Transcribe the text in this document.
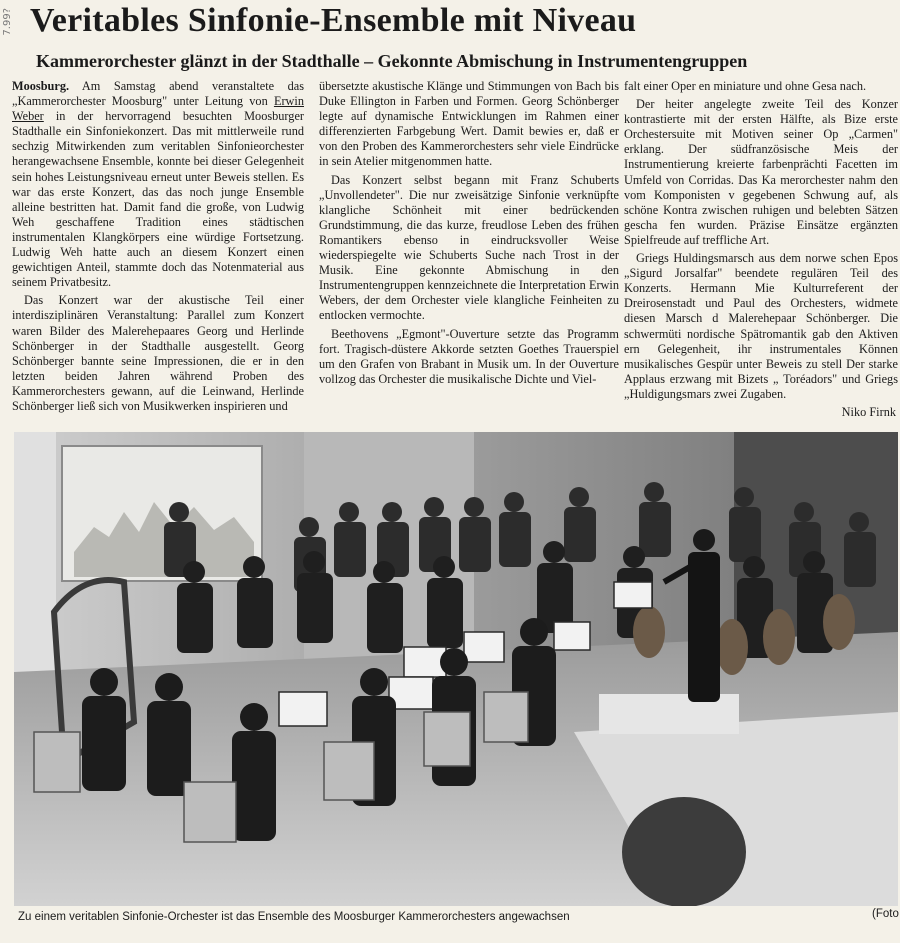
7.99? Veritables Sinfonie-Ensemble mit Niveau
Kammerorchester glänzt in der Stadthalle – Gekonnte Abmischung in Instrumentengruppen

Moosburg. Am Samstag abend veranstaltete das „Kammerorchester Moosburg" unter Leitung von Erwin Weber in der hervorragend besuchten Moosburger Stadthalle ein Sinfoniekonzert. Das mit mittlerweile rund sechzig Mitwirkenden zum veritablen Sinfonieorchester herangewachsene Ensemble, konnte bei dieser Gelegenheit sein hohes Leistungsniveau erneut unter Beweis stellen. Es war das erste Konzert, das das noch junge Ensemble alleine bestritten hat. Damit fand die große, von Ludwig Weh geschaffene Tradition eines städtischen instrumentalen Klangkörpers eine würdige Fortsetzung. Ludwig Weh hatte auch an diesem Konzert einen gewichtigen Anteil, stammte doch das Notenmaterial aus seinem Privatbesitz.

Das Konzert war der akustische Teil einer interdisziplinären Veranstaltung: Parallel zum Konzert waren Bilder des Malerehepaares Georg und Herlinde Schönberger in der Stadthalle ausgestellt. Georg Schönberger bannte seine Impressionen, die er in den letzten beiden Jahren während Proben des Kammerorchesters gewann, auf die Leinwand, Herlinde Schönberger ließ sich von Musikwerken inspirieren und

übersetzte akustische Klänge und Stimmungen von Bach bis Duke Ellington in Farben und Formen. Georg Schönberger legte auf dynamische Entwicklungen im Rahmen einer differenzierten Farbgebung Wert. Damit bewies er, daß er von den Proben des Kammerorchesters sehr viele Eindrücke in sein Atelier mitgenommen hatte.

Das Konzert selbst begann mit Franz Schuberts „Unvollendeter". Die nur zweisätzige Sinfonie verknüpfte klangliche Schönheit mit einer bedrückenden Grundstimmung, die das kurze, freudlose Leben des frühen Romantikers ebenso in eindrucksvoller Weise wiederspiegelte wie Schuberts Suche nach Trost in der Musik. Eine gekonnte Abmischung in den Instrumentengruppen kennzeichnete die Interpretation Erwin Webers, der dem Orchester viele klangliche Feinheiten zu entlocken vermochte.

Beethovens „Egmont"-Ouverture setzte das Programm fort. Tragisch-düstere Akkorde setzten Goethes Trauerspiel um den Grafen von Brabant in Musik um. In der Ouverture vollzog das Orchester die musikalische Dichte und Viel-

falt einer Oper en miniature und ohne Gesa nach.

Der heiter angelegte zweite Teil des Konzer kontrastierte mit der ersten Hälfte, als Bize erste Orchestersuite mit Motiven seiner Op „Carmen" erklang. Der südfranzösische Meis der Instrumentierung kreierte farbenprächti Facetten im Umfeld von Corridas. Das Ka merorchester nahm den vom Komponisten v gegebenen Schwung auf, als schöne Kontra zwischen ruhigen und belebten Sätzen gescha fen wurden. Präzise Einsätze ergänzten Spielfreude auf treffliche Art.

Griegs Huldingsmarsch aus dem norwe schen Epos „Sigurd Jorsalfar" beendete regulären Teil des Konzerts. Hermann Mie Kulturreferent der Dreirosenstadt und Paul des Orchesters, widmete diesen Marsch d Malerehepaar Schönberger. Die schwermüti nordische Spätromantik gab den Aktiven ern Gelegenheit, ihr instrumentales Können musikalisches Gespür unter Beweis zu stell Der starke Applaus erzwang mit Bizets „ Toréadors" und Griegs „Huldigungsmars zwei Zugaben.

Niko Firnk

Zu einem veritablen Sinfonie-Orchester ist das Ensemble des Moosburger Kammerorchesters angewachsen	(Foto
